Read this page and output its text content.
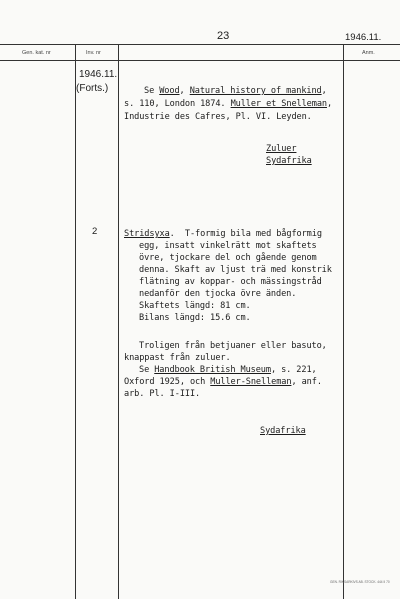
23	1946.11.
Gen. kat. nr	Inv. nr	Anm.
1946.11.
(Forts.)	Se Wood, Natural history of mankind,
s. 110, London 1874. Muller et Snelleman,
Industrie des Cafres, Pl. VI. Leyden.
Zuluer
Sydafrika
2	Stridsyxa.  T-formig bila med bågformig
egg, insatt vinkelrätt mot skaftets
övre, tjockare del och gående genom
denna. Skaft av ljust trä med konstrik
flätning av koppar- och mässingstråd
nedanför den tjocka övre änden.
Skaftets längd: 81 cm.
Bilans längd: 15.6 cm.
Troligen från betjuaner eller basuto,
knappast från zuluer.
Se Handbook British Museum, s. 221,
Oxford 1925, och Muller-Snelleman, anf.
arb. Pl. I-III.
Sydafrika
GEN. RIKSARKIVS AB. STOCK. 444 II 70
